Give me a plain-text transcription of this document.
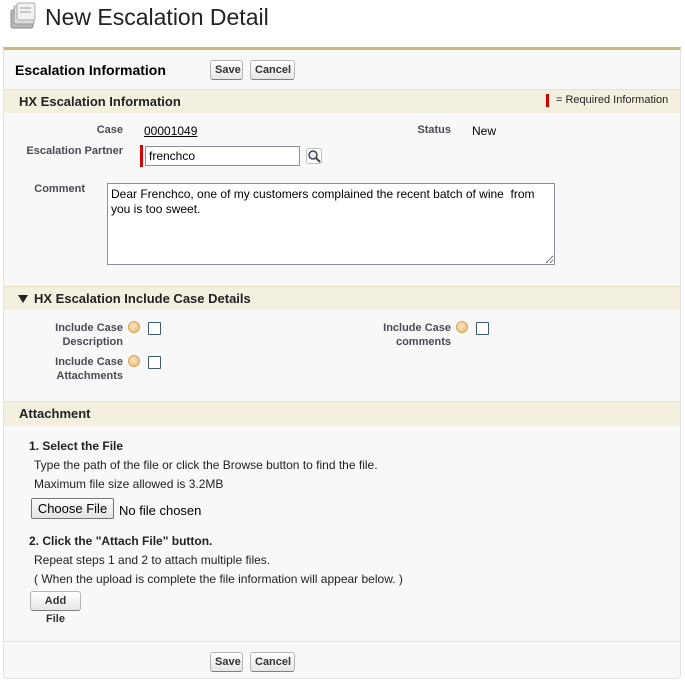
New Escalation Detail
Escalation Information	Save	Cancel
HX Escalation Information	= Required Information
Case 00001049	Status New
Escalation Partner
frenchco
Comment
Dear Frenchco, one of my customers complained the recent batch of wine from you is too sweet.
HX Escalation Include Case Details
Include Case
Description
Include Case
comments
Include Case
Attachments
Attachment
1. Select the File
Type the path of the file or click the Browse button to find the file.
Maximum file size allowed is 3.2MB
Choose File No file chosen
2. Click the "Attach File" button.
Repeat steps 1 and 2 to attach multiple files.
( When the upload is complete the file information will appear below. )
Add File
Save	Cancel
